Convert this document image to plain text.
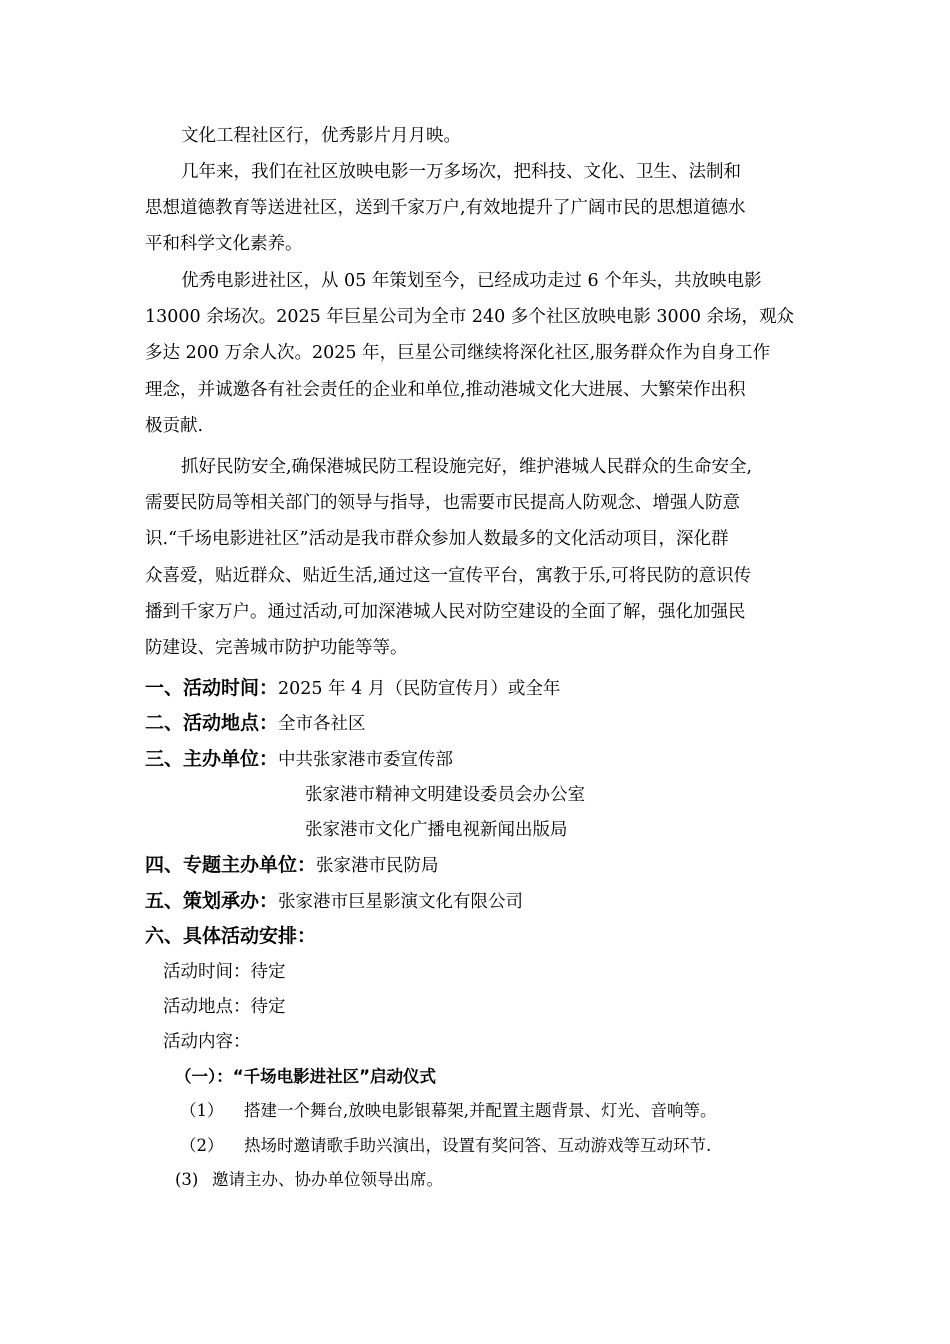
文化工程社区行，优秀影片月月映。
几年来，我们在社区放映电影一万多场次，把科技、文化、卫生、法制和
思想道德教育等送进社区，送到千家万户,有效地提升了广阔市民的思想道德水
平和科学文化素养。
优秀电影进社区，从 05 年策划至今，已经成功走过 6 个年头，共放映电影
13000 余场次。2025 年巨星公司为全市 240 多个社区放映电影 3000 余场，观众
多达 200 万余人次。2025 年，巨星公司继续将深化社区,服务群众作为自身工作
理念，并诚邀各有社会责任的企业和单位,推动港城文化大进展、大繁荣作出积
极贡献.
抓好民防安全,确保港城民防工程设施完好，维护港城人民群众的生命安全,
需要民防局等相关部门的领导与指导，也需要市民提高人防观念、增强人防意
识.“千场电影进社区”活动是我市群众参加人数最多的文化活动项目，深化群
众喜爱，贴近群众、贴近生活,通过这一宣传平台，寓教于乐,可将民防的意识传
播到千家万户。通过活动,可加深港城人民对防空建设的全面了解，强化加强民
防建设、完善城市防护功能等等。
一、活动时间：2025 年 4 月（民防宣传月）或全年
二、活动地点：全市各社区
三、主办单位：中共张家港市委宣传部
张家港市精神文明建设委员会办公室
张家港市文化广播电视新闻出版局
四、专题主办单位：张家港市民防局
五、策划承办：张家港市巨星影演文化有限公司
六、具体活动安排：
活动时间：待定
活动地点：待定
活动内容：
（一）：“千场电影进社区”启动仪式
（1） 搭建一个舞台,放映电影银幕架,并配置主题背景、灯光、音响等。
（2） 热场时邀请歌手助兴演出，设置有奖问答、互动游戏等互动环节.
(3) 邀请主办、协办单位领导出席。
